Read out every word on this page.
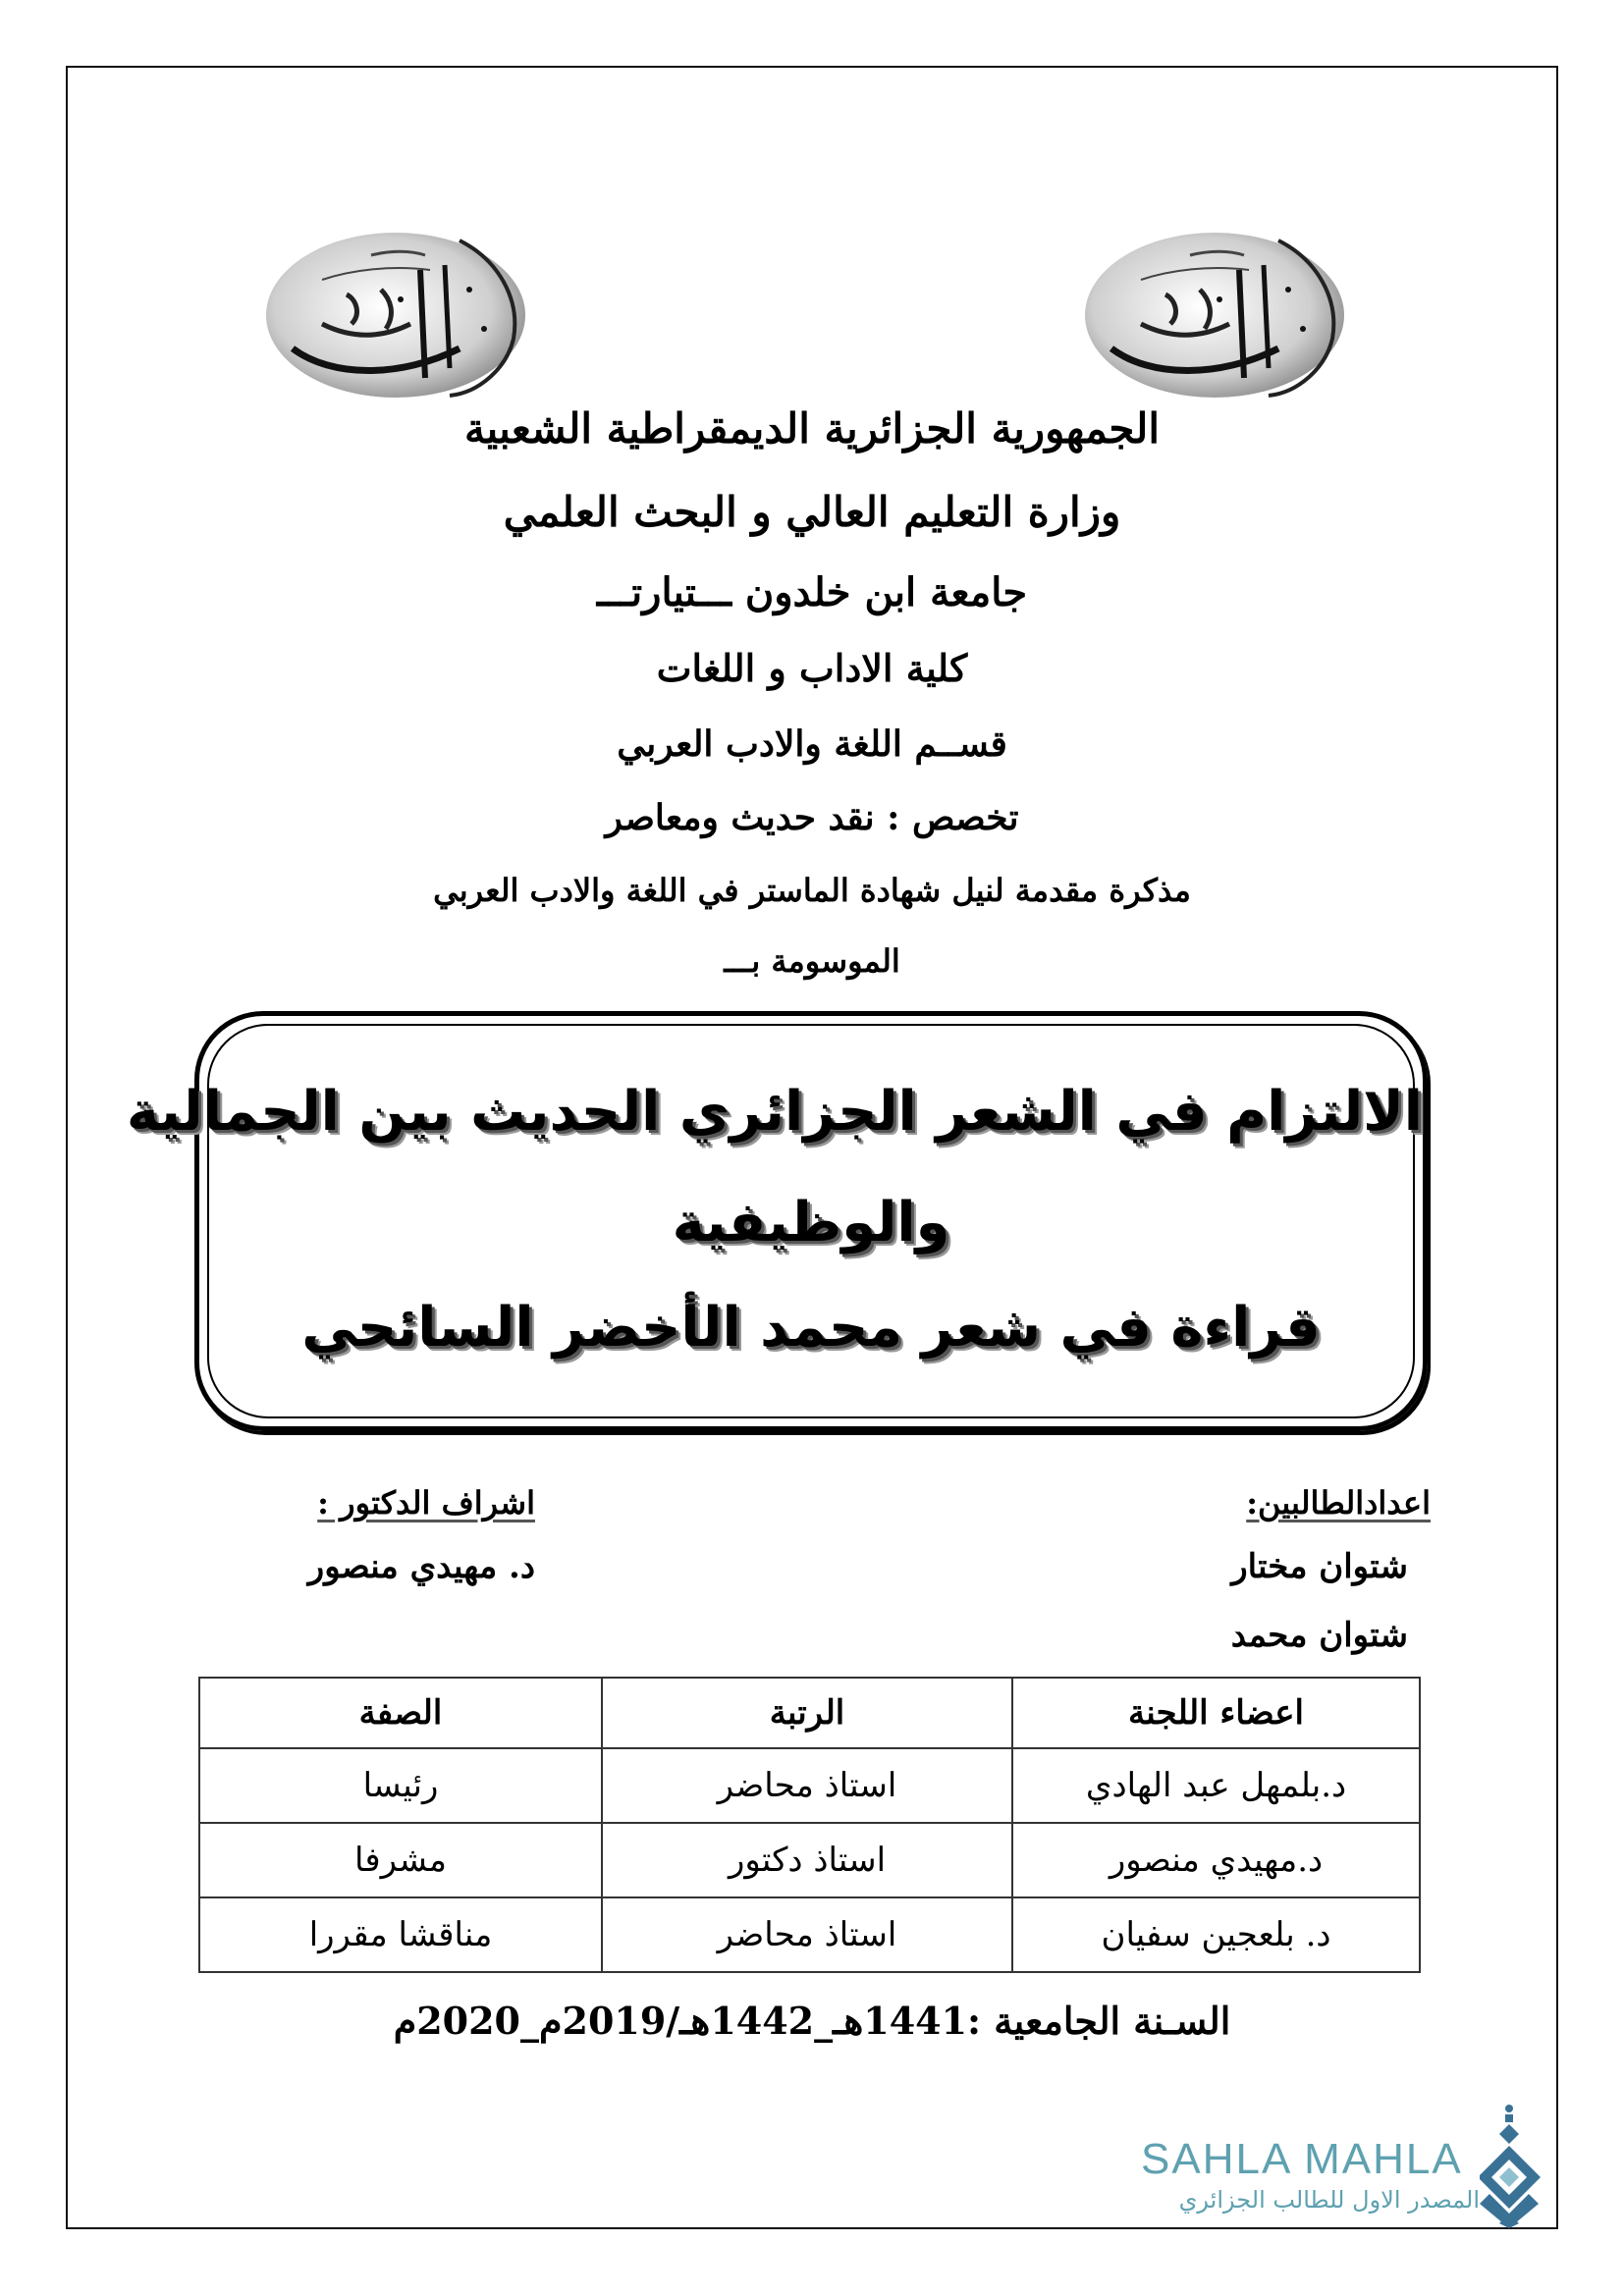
الجمهورية الجزائرية الديمقراطية الشعبية
وزارة التعليم العالي و البحث العلمي
جامعة ابن خلدون ـــتيارتـــ
كلية الاداب و اللغات
قســم اللغة والادب العربي
تخصص : نقد حديث ومعاصر
مذكرة مقدمة لنيل شهادة الماستر في اللغة والادب العربي
الموسومة بـــ
الالتزام في الشعر الجزائري الحديث بين الجمالية
والوظيفية
قراءة في شعر محمد الأخضر السائحي
اعدادالطالبين:
شتوان مختار
شتوان محمد
اشراف الدكتور :
د. مهيدي منصور
اعضاء اللجنة	الرتبة	الصفة
د.بلمهل عبد الهادي	استاذ محاضر	رئيسا
د.مهيدي منصور	استاذ دكتور	مشرفا
د. بلعجين سفيان	استاذ محاضر	مناقشا مقررا
السـنة الجامعية :1441هـ_1442هـ/2019م_2020م
SAHLA MAHLA
المصدر الاول للطالب الجزائري
